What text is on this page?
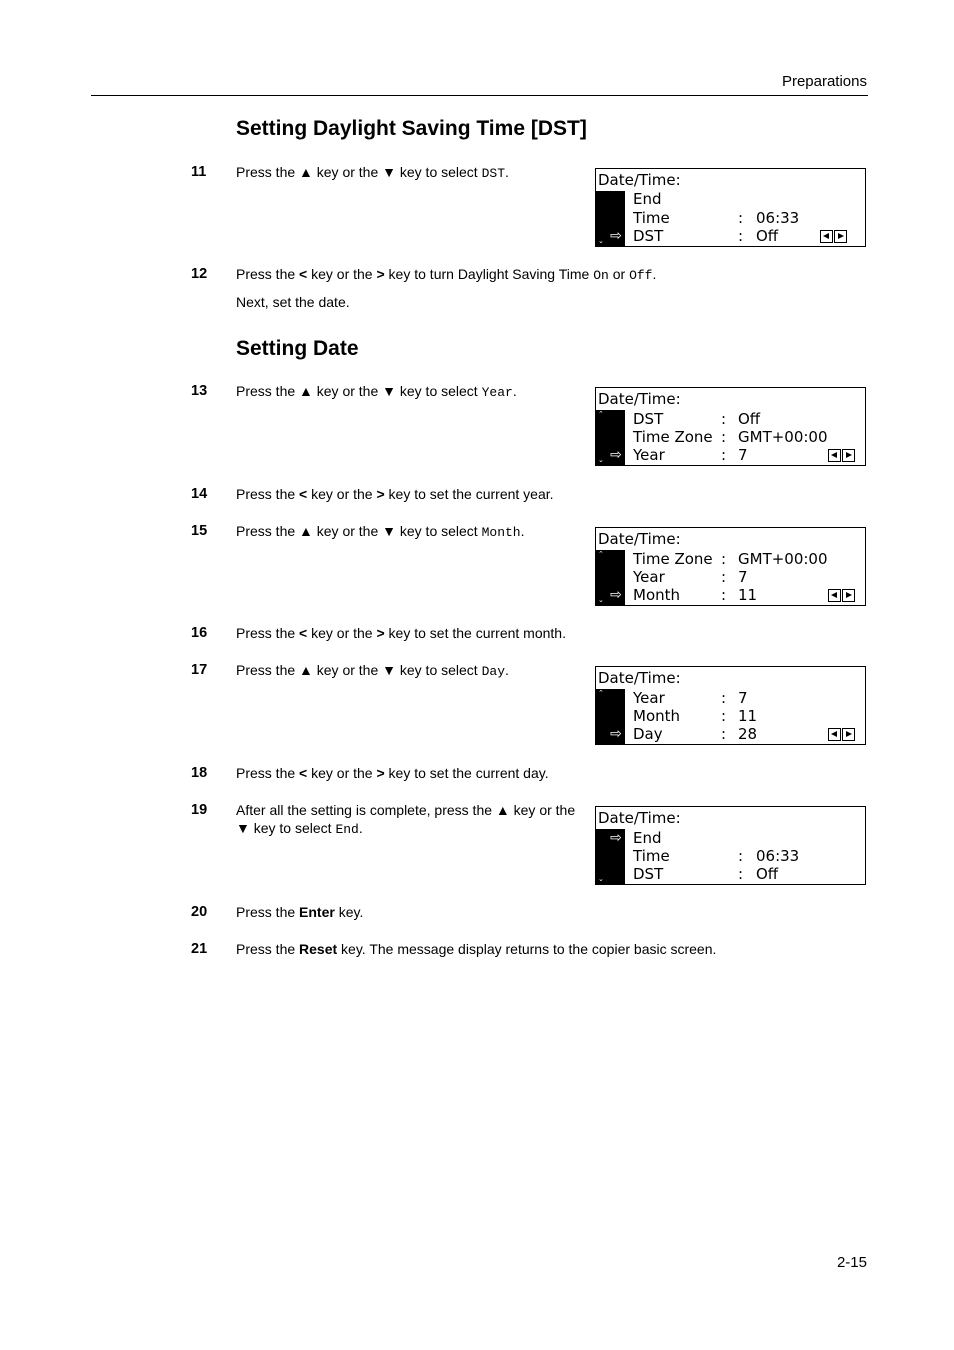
Preparations
Setting Daylight Saving Time [DST]
11 Press the ▲ key or the ▼ key to select DST.	Date/Time:
⌄ ⇨
End
Time	: 06:33
DST	: Off
12 Press the < key or the > key to turn Daylight Saving Time On or Off.
Next, set the date.
Setting Date
13 Press the ▲ key or the ▼ key to select Year.	Date/Time:
⌃
⌄ ⇨
DST	: Off
Time Zone : GMT+00:00
Year	: 7
14 Press the < key or the > key to set the current year.
15 Press the ▲ key or the ▼ key to select Month.	Date/Time:
⌃
⌄ ⇨
Time Zone : GMT+00:00
Year	: 7
Month	: 11
16 Press the < key or the > key to set the current month.
17 Press the ▲ key or the ▼ key to select Day.	Date/Time:
⌃
⇨
Year	: 7
Month	: 11
Day	: 28
18 Press the < key or the > key to set the current day.
19 After all the setting is complete, press the ▲ key or the
▼ key to select End.
Date/Time:
⌄
⇨ End
Time	: 06:33
DST	: Off
20 Press the Enter key.
21 Press the Reset key. The message display returns to the copier basic screen.
2-15
